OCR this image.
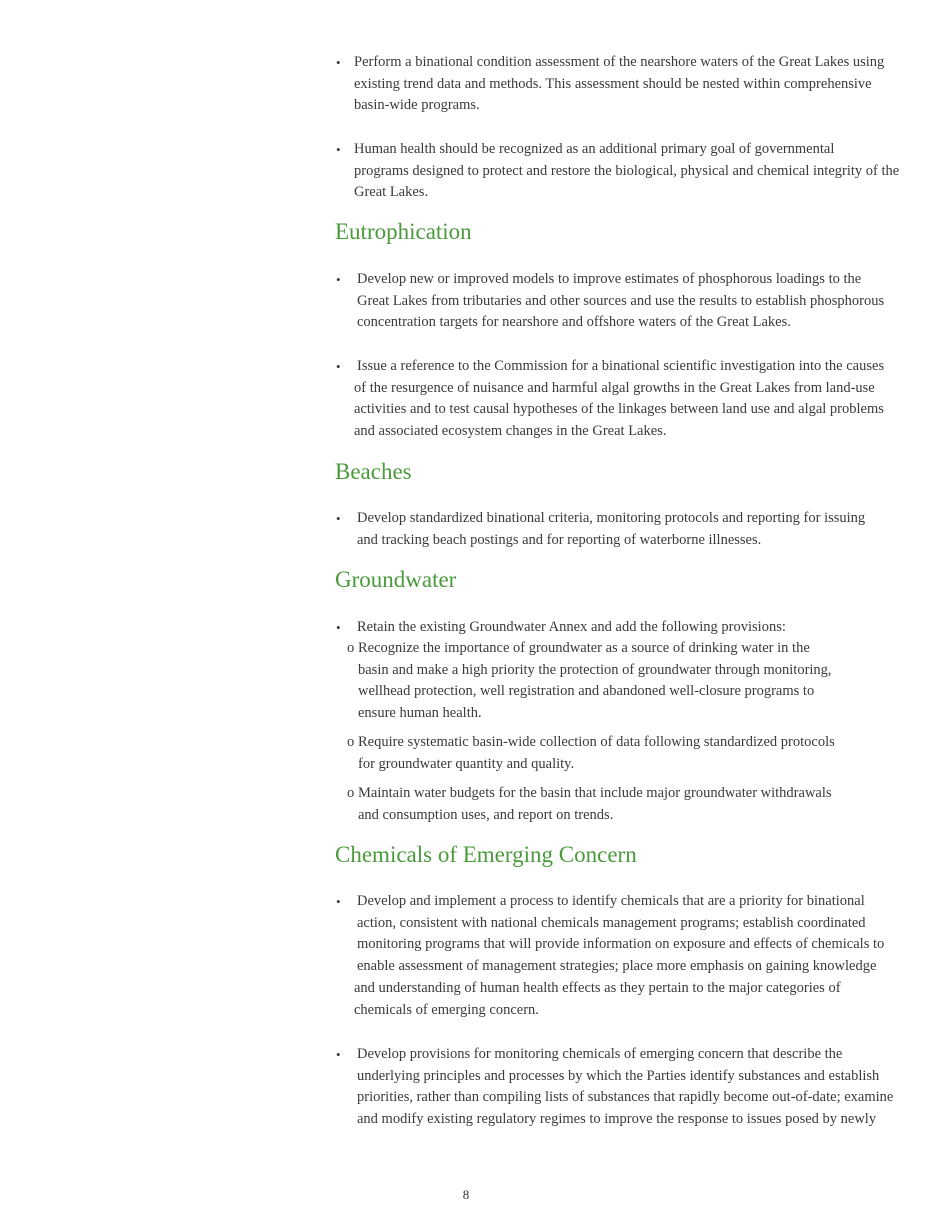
• Perform a binational condition assessment of the nearshore waters of the Great Lakes using
existing trend data and methods. This assessment should be nested within comprehensive
basin-wide programs.
• Human health should be recognized as an additional primary goal of governmental
programs designed to protect and restore the biological, physical and chemical integrity of the
Great Lakes.
Eutrophication
• Develop new or improved models to improve estimates of phosphorous loadings to the
Great Lakes from tributaries and other sources and use the results to establish phosphorous
concentration targets for nearshore and offshore waters of the Great Lakes.
• Issue a reference to the Commission for a binational scientific investigation into the causes
of the resurgence of nuisance and harmful algal growths in the Great Lakes from land-use
activities and to test causal hypotheses of the linkages between land use and algal problems
and associated ecosystem changes in the Great Lakes.
Beaches
• Develop standardized binational criteria, monitoring protocols and reporting for issuing
and tracking beach postings and for reporting of waterborne illnesses.
Groundwater
• Retain the existing Groundwater Annex and add the following provisions:
o Recognize the importance of groundwater as a source of drinking water in the
basin and make a high priority the protection of groundwater through monitoring,
wellhead protection, well registration and abandoned well-closure programs to
ensure human health.
o Require systematic basin-wide collection of data following standardized protocols
for groundwater quantity and quality.
o Maintain water budgets for the basin that include major groundwater withdrawals
and consumption uses, and report on trends.
Chemicals of Emerging Concern
• Develop and implement a process to identify chemicals that are a priority for binational
action, consistent with national chemicals management programs; establish coordinated
monitoring programs that will provide information on exposure and effects of chemicals to
enable assessment of management strategies; place more emphasis on gaining knowledge
and understanding of human health effects as they pertain to the major categories of
chemicals of emerging concern.
• Develop provisions for monitoring chemicals of emerging concern that describe the
underlying principles and processes by which the Parties identify substances and establish
priorities, rather than compiling lists of substances that rapidly become out-of-date; examine
and modify existing regulatory regimes to improve the response to issues posed by newly
8
